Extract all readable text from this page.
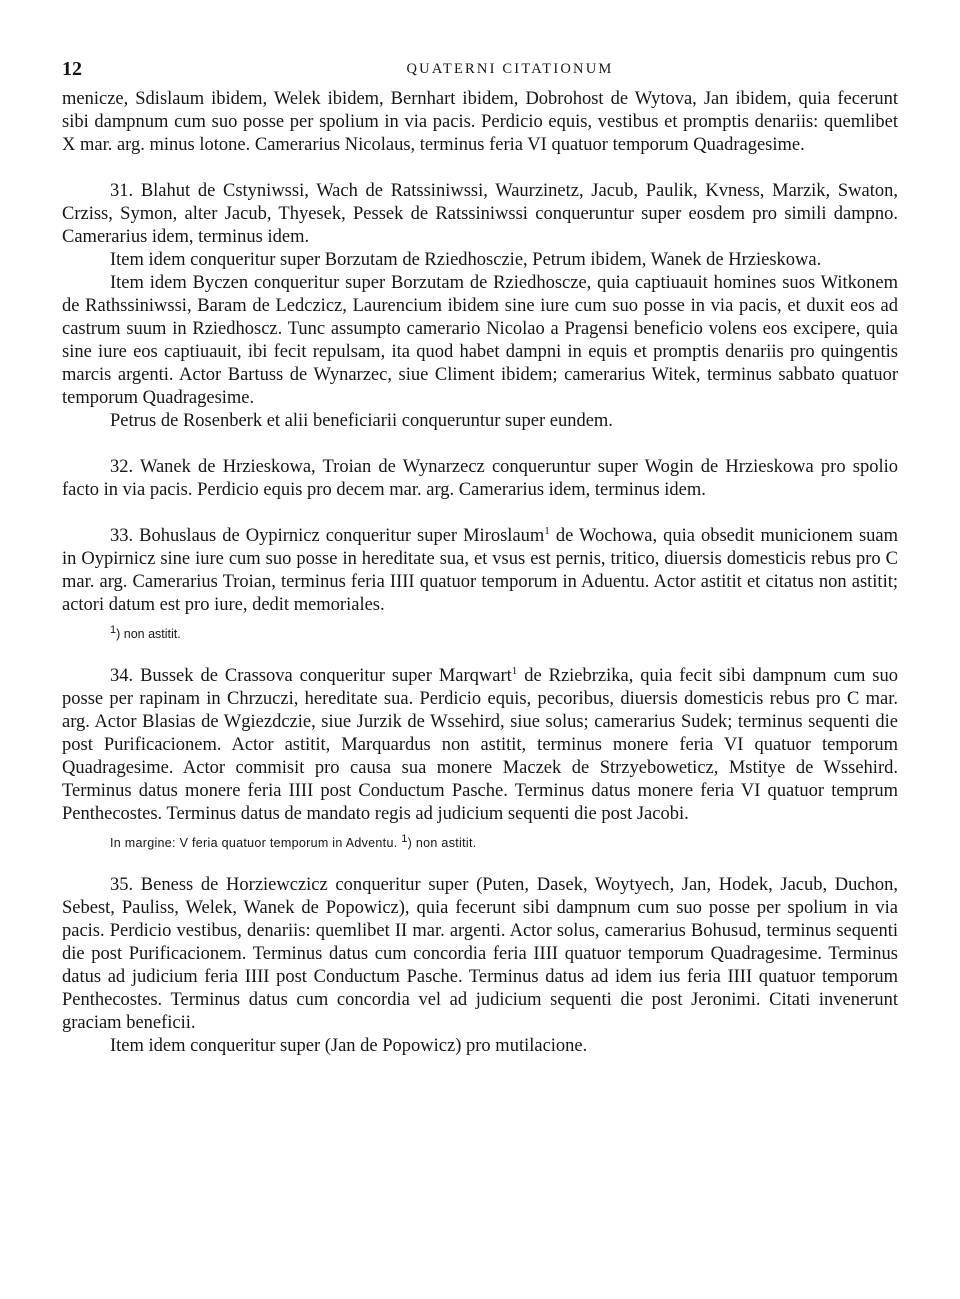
12	QUATERNI CITATIONUM

menicze, Sdislaum ibidem, Welek ibidem, Bernhart ibidem, Dobrohost de Wytova, Jan ibidem, quia fecerunt sibi dampnum cum suo posse per spolium in via pacis. Perdicio equis, vestibus et promptis denariis: quemlibet X mar. arg. minus lotone. Camerarius Nicolaus, terminus feria VI quatuor temporum Quadragesime.

31. Blahut de Cstyniwssi, Wach de Ratssiniwssi, Waurzinetz, Jacub, Paulik, Kvness, Marzik, Swaton, Crziss, Symon, alter Jacub, Thyesek, Pessek de Ratssiniwssi conqueruntur super eosdem pro simili dampno. Camerarius idem, terminus idem.

Item idem conqueritur super Borzutam de Rziedhosczie, Petrum ibidem, Wanek de Hrzieskowa.

Item idem Byczen conqueritur super Borzutam de Rziedhoscze, quia captiuauit homines suos Witkonem de Rathssiniwssi, Baram de Ledczicz, Laurencium ibidem sine iure cum suo posse in via pacis, et duxit eos ad castrum suum in Rziedhoscz. Tunc assumpto camerario Nicolao a Pragensi beneficio volens eos excipere, quia sine iure eos captiuauit, ibi fecit repulsam, ita quod habet dampni in equis et promptis denariis pro quingentis marcis argenti. Actor Bartuss de Wynarzec, siue Climent ibidem; camerarius Witek, terminus sabbato quatuor temporum Quadragesime.

Petrus de Rosenberk et alii beneficiarii conqueruntur super eundem.

32. Wanek de Hrzieskowa, Troian de Wynarzecz conqueruntur super Wogin de Hrzieskowa pro spolio facto in via pacis. Perdicio equis pro decem mar. arg. Camerarius idem, terminus idem.

33. Bohuslaus de Oypirnicz conqueritur super Miroslaum$^1$ de Wochowa, quia obsedit municionem suam in Oypirnicz sine iure cum suo posse in hereditate sua, et vsus est pernis, tritico, diuersis domesticis rebus pro C mar. arg. Camerarius Troian, terminus feria IIII quatuor temporum in Aduentu. Actor astitit et citatus non astitit; actori datum est pro iure, dedit memoriales.

$^1$) non astitit.

34. Bussek de Crassova conqueritur super Marqwart$^1$ de Rziebrzika, quia fecit sibi dampnum cum suo posse per rapinam in Chrzuczi, hereditate sua. Perdicio equis, pecoribus, diuersis domesticis rebus pro C mar. arg. Actor Blasias de Wgiezdczie, siue Jurzik de Wssehird, siue solus; camerarius Sudek; terminus sequenti die post Purificacionem. Actor astitit, Marquardus non astitit, terminus monere feria VI quatuor temporum Quadragesime. Actor commisit pro causa sua monere Maczek de Strzyeboweticz, Mstitye de Wssehird. Terminus datus monere feria IIII post Conductum Pasche. Terminus datus monere feria VI quatuor temprum Penthecostes. Terminus datus de mandato regis ad judicium sequenti die post Jacobi.

In margine: V feria quatuor temporum in Adventu. $^1$) non astitit.

35. Beness de Horziewczicz conqueritur super (Puten, Dasek, Woytyech, Jan, Hodek, Jacub, Duchon, Sebest, Pauliss, Welek, Wanek de Popowicz), quia fecerunt sibi dampnum cum suo posse per spolium in via pacis. Perdicio vestibus, denariis: quemlibet II mar. argenti. Actor solus, camerarius Bohusud, terminus sequenti die post Purificacionem. Terminus datus cum concordia feria IIII quatuor temporum Quadragesime. Terminus datus ad judicium feria IIII post Conductum Pasche. Terminus datus ad idem ius feria IIII quatuor temporum Penthecostes. Terminus datus cum concordia vel ad judicium sequenti die post Jeronimi. Citati invenerunt graciam beneficii.

Item idem conqueritur super (Jan de Popowicz) pro mutilacione.
